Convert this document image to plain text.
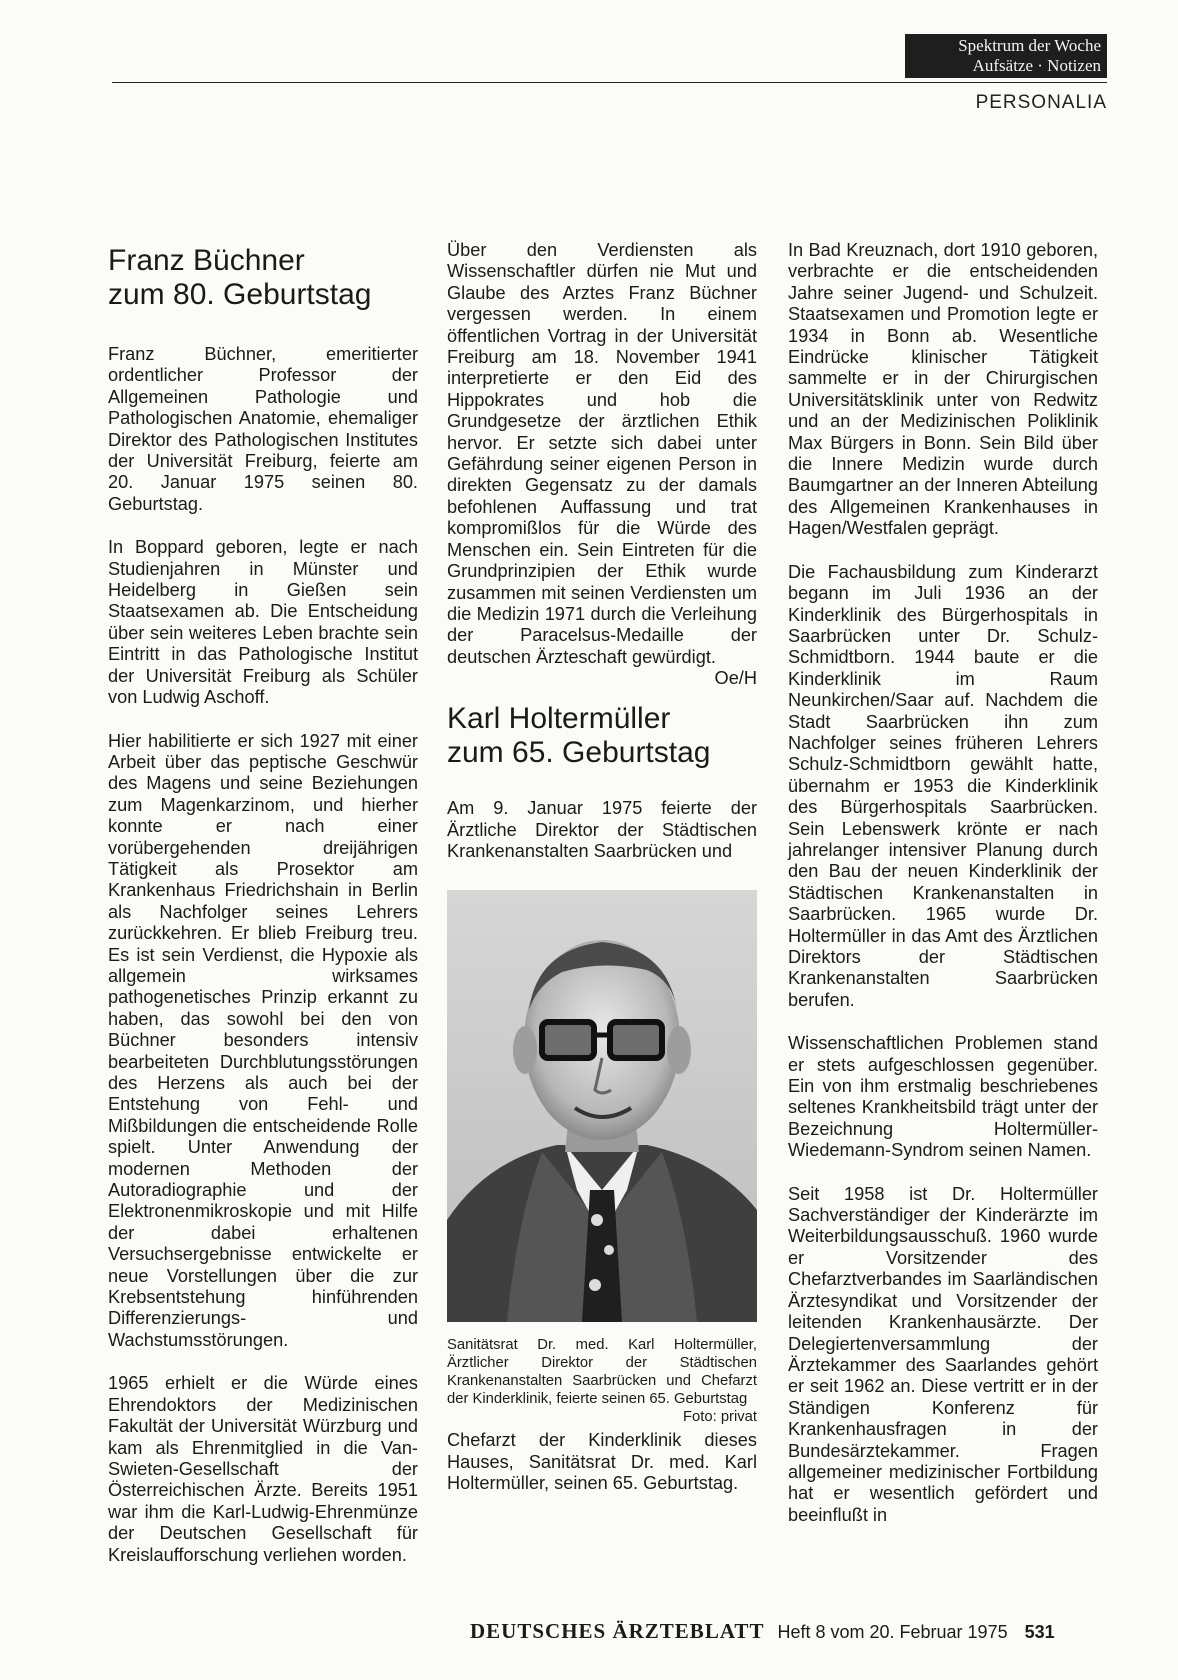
Spektrum der Woche
Aufsätze · Notizen
PERSONALIA
Franz Büchner
zum 80. Geburtstag

Franz Büchner, emeritierter ordentlicher Professor der Allgemeinen Pathologie und Pathologischen Anatomie, ehemaliger Direktor des Pathologischen Institutes der Universität Freiburg, feierte am 20. Januar 1975 seinen 80. Geburtstag.

In Boppard geboren, legte er nach Studienjahren in Münster und Heidelberg in Gießen sein Staatsexamen ab. Die Entscheidung über sein weiteres Leben brachte sein Eintritt in das Pathologische Institut der Universität Freiburg als Schüler von Ludwig Aschoff.

Hier habilitierte er sich 1927 mit einer Arbeit über das peptische Geschwür des Magens und seine Beziehungen zum Magenkarzinom, und hierher konnte er nach einer vorübergehenden dreijährigen Tätigkeit als Prosektor am Krankenhaus Friedrichshain in Berlin als Nachfolger seines Lehrers zurückkehren. Er blieb Freiburg treu. Es ist sein Verdienst, die Hypoxie als allgemein wirksames pathogenetisches Prinzip erkannt zu haben, das sowohl bei den von Büchner besonders intensiv bearbeiteten Durchblutungsstörungen des Herzens als auch bei der Entstehung von Fehl- und Mißbildungen die entscheidende Rolle spielt. Unter Anwendung der modernen Methoden der Autoradiographie und der Elektronenmikroskopie und mit Hilfe der dabei erhaltenen Versuchsergebnisse entwickelte er neue Vorstellungen über die zur Krebsentstehung hinführenden Differenzierungs- und Wachstumsstörungen.

1965 erhielt er die Würde eines Ehrendoktors der Medizinischen Fakultät der Universität Würzburg und kam als Ehrenmitglied in die Van-Swieten-Gesellschaft der Österreichischen Ärzte. Bereits 1951 war ihm die Karl-Ludwig-Ehrenmünze der Deutschen Gesellschaft für Kreislaufforschung verliehen worden.

Über den Verdiensten als Wissenschaftler dürfen nie Mut und Glaube des Arztes Franz Büchner vergessen werden. In einem öffentlichen Vortrag in der Universität Freiburg am 18. November 1941 interpretierte er den Eid des Hippokrates und hob die Grundgesetze der ärztlichen Ethik hervor. Er setzte sich dabei unter Gefährdung seiner eigenen Person in direkten Gegensatz zu der damals befohlenen Auffassung und trat kompromißlos für die Würde des Menschen ein. Sein Eintreten für die Grundprinzipien der Ethik wurde zusammen mit seinen Verdiensten um die Medizin 1971 durch die Verleihung der Paracelsus-Medaille der deutschen Ärzteschaft gewürdigt.
Oe/H

Karl Holtermüller
zum 65. Geburtstag

Am 9. Januar 1975 feierte der Ärztliche Direktor der Städtischen Krankenanstalten Saarbrücken und

Sanitätsrat Dr. med. Karl Holtermüller, Ärztlicher Direktor der Städtischen Krankenanstalten Saarbrücken und Chefarzt der Kinderklinik, feierte seinen 65. Geburtstag
Foto: privat

Chefarzt der Kinderklinik dieses Hauses, Sanitätsrat Dr. med. Karl Holtermüller, seinen 65. Geburtstag.

In Bad Kreuznach, dort 1910 geboren, verbrachte er die entscheidenden Jahre seiner Jugend- und Schulzeit. Staatsexamen und Promotion legte er 1934 in Bonn ab. Wesentliche Eindrücke klinischer Tätigkeit sammelte er in der Chirurgischen Universitätsklinik unter von Redwitz und an der Medizinischen Poliklinik Max Bürgers in Bonn. Sein Bild über die Innere Medizin wurde durch Baumgartner an der Inneren Abteilung des Allgemeinen Krankenhauses in Hagen/Westfalen geprägt.

Die Fachausbildung zum Kinderarzt begann im Juli 1936 an der Kinderklinik des Bürgerhospitals in Saarbrücken unter Dr. Schulz-Schmidtborn. 1944 baute er die Kinderklinik im Raum Neunkirchen/Saar auf. Nachdem die Stadt Saarbrücken ihn zum Nachfolger seines früheren Lehrers Schulz-Schmidtborn gewählt hatte, übernahm er 1953 die Kinderklinik des Bürgerhospitals Saarbrücken. Sein Lebenswerk krönte er nach jahrelanger intensiver Planung durch den Bau der neuen Kinderklinik der Städtischen Krankenanstalten in Saarbrücken. 1965 wurde Dr. Holtermüller in das Amt des Ärztlichen Direktors der Städtischen Krankenanstalten Saarbrücken berufen.

Wissenschaftlichen Problemen stand er stets aufgeschlossen gegenüber. Ein von ihm erstmalig beschriebenes seltenes Krankheitsbild trägt unter der Bezeichnung Holtermüller-Wiedemann-Syndrom seinen Namen.

Seit 1958 ist Dr. Holtermüller Sachverständiger der Kinderärzte im Weiterbildungsausschuß. 1960 wurde er Vorsitzender des Chefarztverbandes im Saarländischen Ärztesyndikat und Vorsitzender der leitenden Krankenhausärzte. Der Delegiertenversammlung der Ärztekammer des Saarlandes gehört er seit 1962 an. Diese vertritt er in der Ständigen Konferenz für Krankenhausfragen in der Bundesärztekammer. Fragen allgemeiner medizinischer Fortbildung hat er wesentlich gefördert und beeinflußt in

DEUTSCHES ÄRZTEBLATT Heft 8 vom 20. Februar 1975 531
